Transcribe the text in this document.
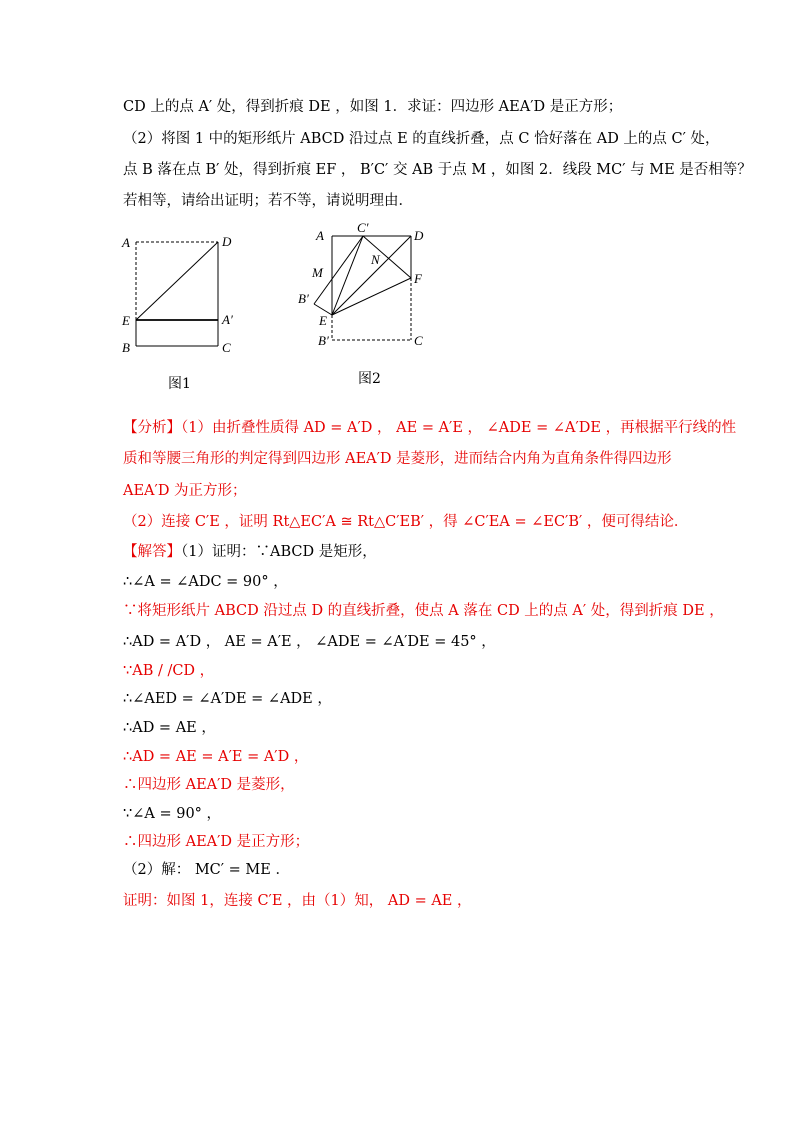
CD 上的点 A′ 处，得到折痕 DE ，如图 1．求证：四边形 AEA′D 是正方形；
（2）将图 1 中的矩形纸片 ABCD 沿过点 E 的直线折叠，点 C 恰好落在 AD 上的点 C′ 处，
点 B 落在点 B′ 处，得到折痕 EF ， B′C′ 交 AB 于点 M ，如图 2．线段 MC′ 与 ME 是否相等？
若相等，请给出证明；若不等，请说明理由．
A	D
E	A′
B	C
图1
A
C′
D
N
M	F
B′
E
B′	C
图2
【分析】（1）由折叠性质得 AD = A′D ， AE = A′E ， ∠ADE = ∠A′DE ，再根据平行线的性
质和等腰三角形的判定得到四边形 AEA′D 是菱形，进而结合内角为直角条件得四边形
AEA′D 为正方形；
（2）连接 C′E ，证明 Rt△EC′A ≅ Rt△C′EB′ ，得 ∠C′EA = ∠EC′B′ ，便可得结论．
【解答】（1）证明：∵ABCD 是矩形，
∴∠A = ∠ADC = 90° ，
∵将矩形纸片 ABCD 沿过点 D 的直线折叠，使点 A 落在 CD 上的点 A′ 处，得到折痕 DE ，
∴AD = A′D ， AE = A′E ， ∠ADE = ∠A′DE = 45° ，
∵AB / /CD ，
∴∠AED = ∠A′DE = ∠ADE ，
∴AD = AE ，
∴AD = AE = A′E = A′D ，
∴四边形 AEA′D 是菱形，
∵∠A = 90° ，
∴四边形 AEA′D 是正方形；
（2）解： MC′ = ME ．
证明：如图 1，连接 C′E ，由（1）知， AD = AE ，
